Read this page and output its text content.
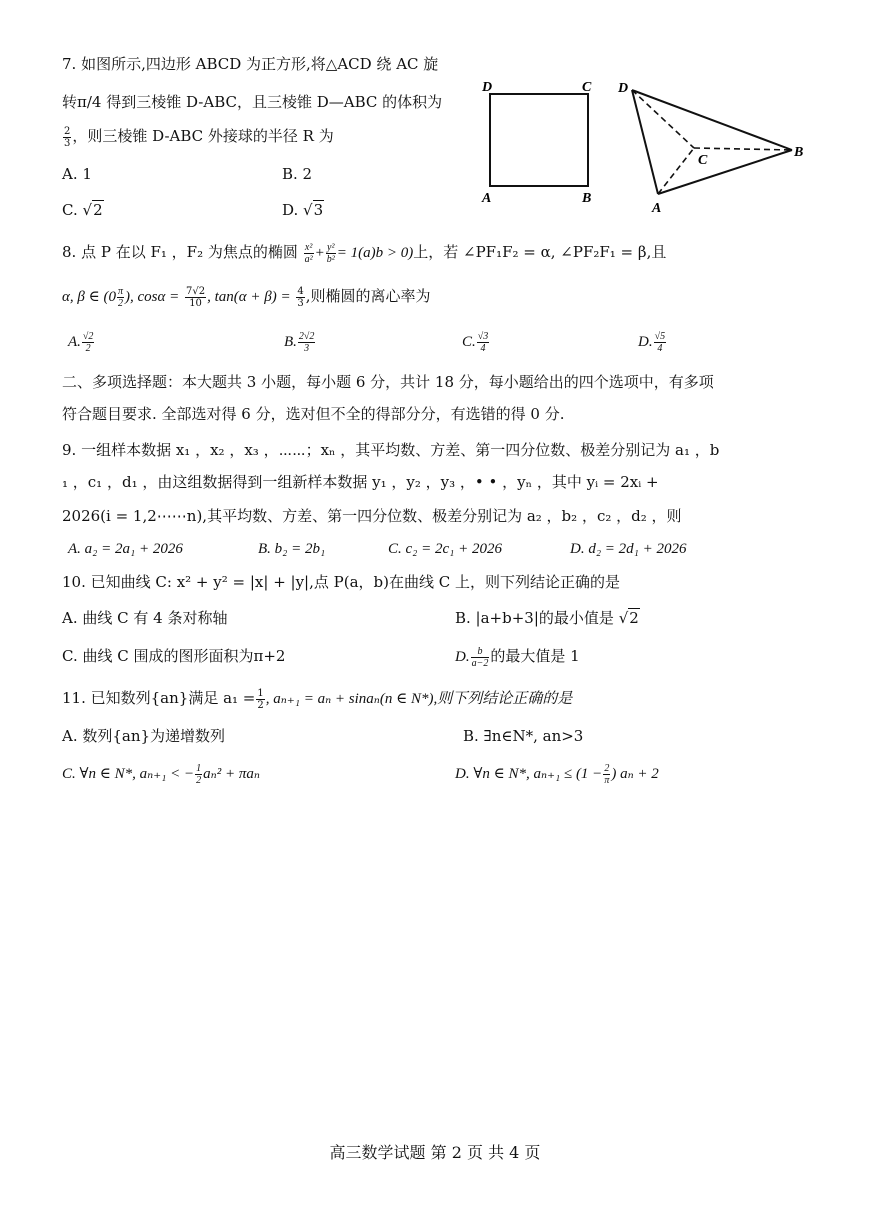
7. 如图所示,四边形 ABCD 为正方形,将△ACD 绕 AC 旋
转π/4 得到三棱锥 D-ABC，且三棱锥 D—ABC 的体积为
$\frac{2}{3}$ ，则三棱锥 D-ABC 外接球的半径 R 为
A. 1	B. 2
C. √2	D. √3
D	C
A	B
D
C
A
B
8. 点 P 在以 F₁ ，F₂ 为焦点的椭圆 $\frac{\text{x²}}{\text{a²}} + \frac{\text{y²}}{\text{b²}} = 1(a)b > 0$)上，若 ∠PF₁F₂ = α, ∠PF₂F₁ = β,且
α, β ∈ ($0 \frac{\pi}{2}$ ), $\cos\alpha = \frac{7√2}{10}$ , $\tan(\alpha + \beta) = \frac{4}{3}$ ,则椭圆的离心率为
A. $\frac{√2}{2}$	B. $\frac{2√2}{3}$	C. $\frac{√3}{4}$	D. $\frac{√5}{4}$
二、多项选择题：本大题共 3 小题，每小题 6 分，共计 18 分，每小题给出的四个选项中，有多项
符合题目要求. 全部选对得 6 分，选对但不全的得部分分，有选错的得 0 分.
9. 一组样本数据 x₁ ，x₂ ，x₃ ，⋯⋯；xₙ ，其平均数、方差、第一四分位数、极差分别记为 a₁ ，b
₁ ，c₁ ，d₁ ，由这组数据得到一组新样本数据 y₁ ，y₂ ，y₃ ，• • ，yₙ ，其中 yᵢ = 2xᵢ +
2026(i = 1,2⋯⋯n),其平均数、方差、第一四分位数、极差分别记为 a₂ ，b₂ ，c₂ ，d₂ ，则
A. a₂ = 2a₁ + 2026	B. b₂ = 2b₁	C. c₂ = 2c₁ + 2026	D. d₂ = 2d₁ + 2026
10. 已知曲线 C: x² + y² = |x| + |y|,点 P(a，b)在曲线 C 上，则下列结论正确的是
A. 曲线 C 有 4 条对称轴	B. |a+b+3|的最小值是 √2
C. 曲线 C 围成的图形面积为π+2	D. $\frac{b}{a-2}$ 的最大值是 1
11. 已知数列{an}满足 $a_1 = \frac{1}{2}$ , aₙ₊₁ = aₙ + sinaₙ(n ∈ N*),则下列结论正确的是
A. 数列{an}为递增数列	B. ∃n∈N*, an>3
C. ∀n ∈ N*, aₙ₊₁ < − $\frac{1}{2} a_n^2 + \pi a_n$	D. ∀n ∈ N*, $a_{n+1} \le (1 - \frac{2}{\pi}$ ) aₙ + 2
高三数学试题 第 2 页 共 4 页
